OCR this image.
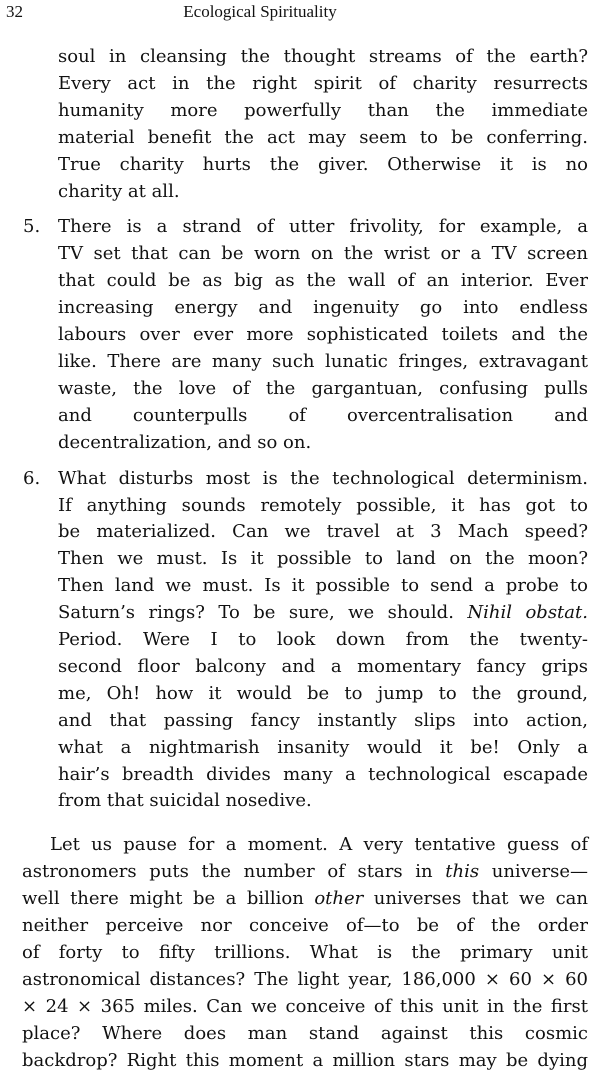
32	Ecological Spirituality

soul in cleansing the thought streams of the earth?
Every act in the right spirit of charity resurrects
humanity more powerfully than the immediate
material benefit the act may seem to be conferring.
True charity hurts the giver. Otherwise it is no
charity at all.

5. There is a strand of utter frivolity, for example, a
TV set that can be worn on the wrist or a TV screen
that could be as big as the wall of an interior. Ever
increasing energy and ingenuity go into endless
labours over ever more sophisticated toilets and the
like. There are many such lunatic fringes, extravagant
waste, the love of the gargantuan, confusing pulls
and counterpulls of overcentralisation and
decentralization, and so on.

6. What disturbs most is the technological determinism.
If anything sounds remotely possible, it has got to
be materialized. Can we travel at 3 Mach speed?
Then we must. Is it possible to land on the moon?
Then land we must. Is it possible to send a probe to
Saturn’s rings? To be sure, we should. Nihil obstat.
Period. Were I to look down from the twenty-
second floor balcony and a momentary fancy grips
me, Oh! how it would be to jump to the ground,
and that passing fancy instantly slips into action,
what a nightmarish insanity would it be! Only a
hair’s breadth divides many a technological escapade
from that suicidal nosedive.

Let us pause for a moment. A very tentative guess of
astronomers puts the number of stars in this universe—
well there might be a billion other universes that we can
neither perceive nor conceive of—to be of the order
of forty to fifty trillions. What is the primary unit
astronomical distances? The light year, 186,000 × 60 × 60
× 24 × 365 miles. Can we conceive of this unit in the first
place? Where does man stand against this cosmic
backdrop? Right this moment a million stars may be dying
